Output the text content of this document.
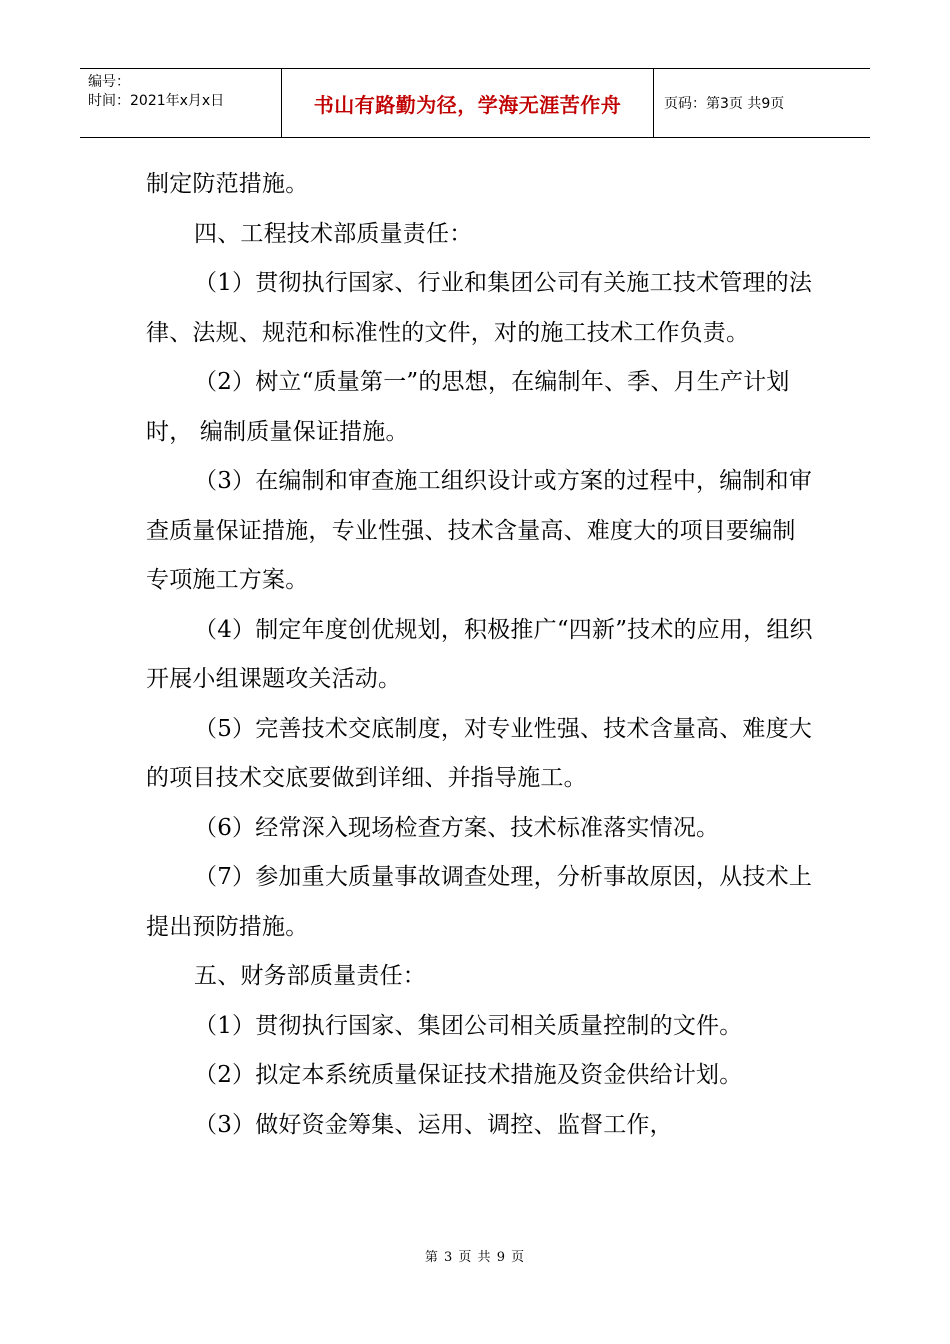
编号：
时间：2021年x月x日	书山有路勤为径，学海无涯苦作舟	页码：第3页 共9页

制定防范措施。

四、工程技术部质量责任：

（1）贯彻执行国家、行业和集团公司有关施工技术管理的法律、法规、规范和标准性的文件，对的施工技术工作负责。

（2）树立“质量第一”的思想，在编制年、季、月生产计划时， 编制质量保证措施。

（3）在编制和审查施工组织设计或方案的过程中，编制和审查质量保证措施，专业性强、技术含量高、难度大的项目要编制专项施工方案。

（4）制定年度创优规划，积极推广“四新”技术的应用，组织开展小组课题攻关活动。

（5）完善技术交底制度，对专业性强、技术含量高、难度大的项目技术交底要做到详细、并指导施工。

（6）经常深入现场检查方案、技术标准落实情况。

（7）参加重大质量事故调查处理，分析事故原因，从技术上提出预防措施。

五、财务部质量责任：

（1）贯彻执行国家、集团公司相关质量控制的文件。

（2）拟定本系统质量保证技术措施及资金供给计划。

（3）做好资金筹集、运用、调控、监督工作，

第 3 页 共 9 页
